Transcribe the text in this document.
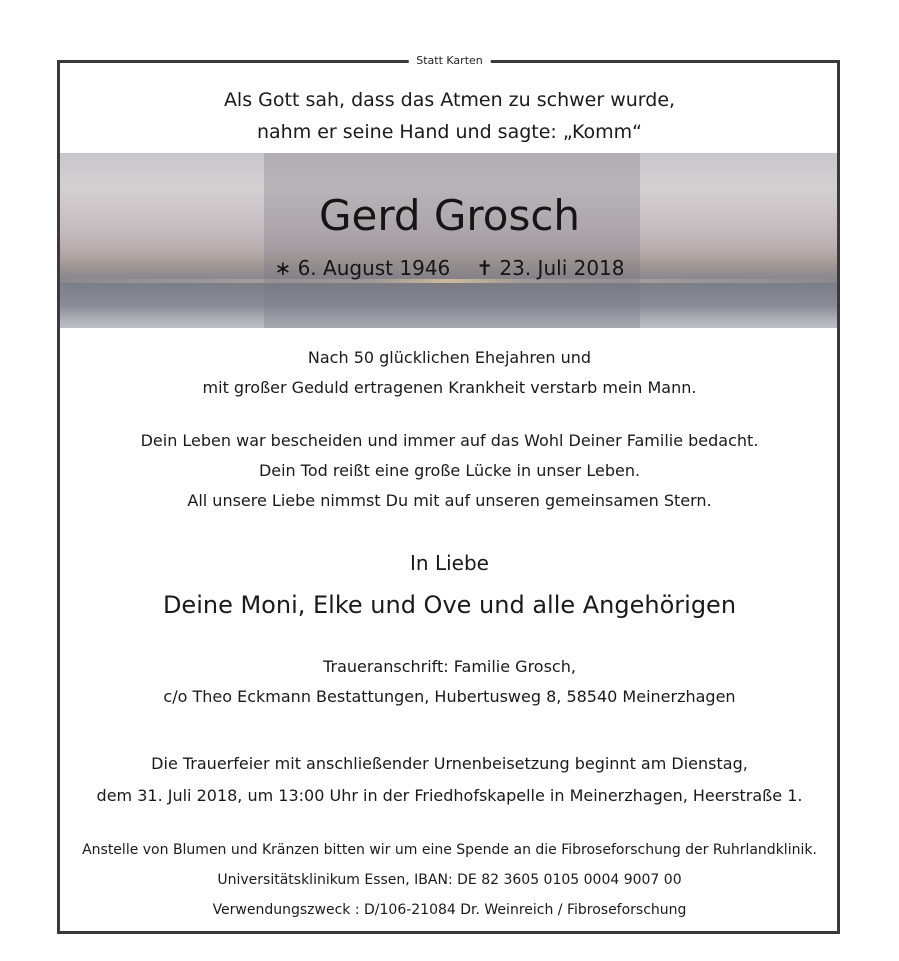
Statt Karten
Als Gott sah, dass das Atmen zu schwer wurde,
nahm er seine Hand und sagte: „Komm“
Gerd Grosch
∗ 6. August 1946 ✝ 23. Juli 2018
Nach 50 glücklichen Ehejahren und
mit großer Geduld ertragenen Krankheit verstarb mein Mann.
Dein Leben war bescheiden und immer auf das Wohl Deiner Familie bedacht.
Dein Tod reißt eine große Lücke in unser Leben.
All unsere Liebe nimmst Du mit auf unseren gemeinsamen Stern.
In Liebe
Deine Moni, Elke und Ove und alle Angehörigen
Traueranschrift: Familie Grosch,
c/o Theo Eckmann Bestattungen, Hubertusweg 8, 58540 Meinerzhagen
Die Trauerfeier mit anschließender Urnenbeisetzung beginnt am Dienstag,
dem 31. Juli 2018, um 13:00 Uhr in der Friedhofskapelle in Meinerzhagen, Heerstraße 1.
Anstelle von Blumen und Kränzen bitten wir um eine Spende an die Fibroseforschung der Ruhrlandklinik.
Universitätsklinikum Essen, IBAN: DE 82 3605 0105 0004 9007 00
Verwendungszweck : D/106-21084 Dr. Weinreich / Fibroseforschung
